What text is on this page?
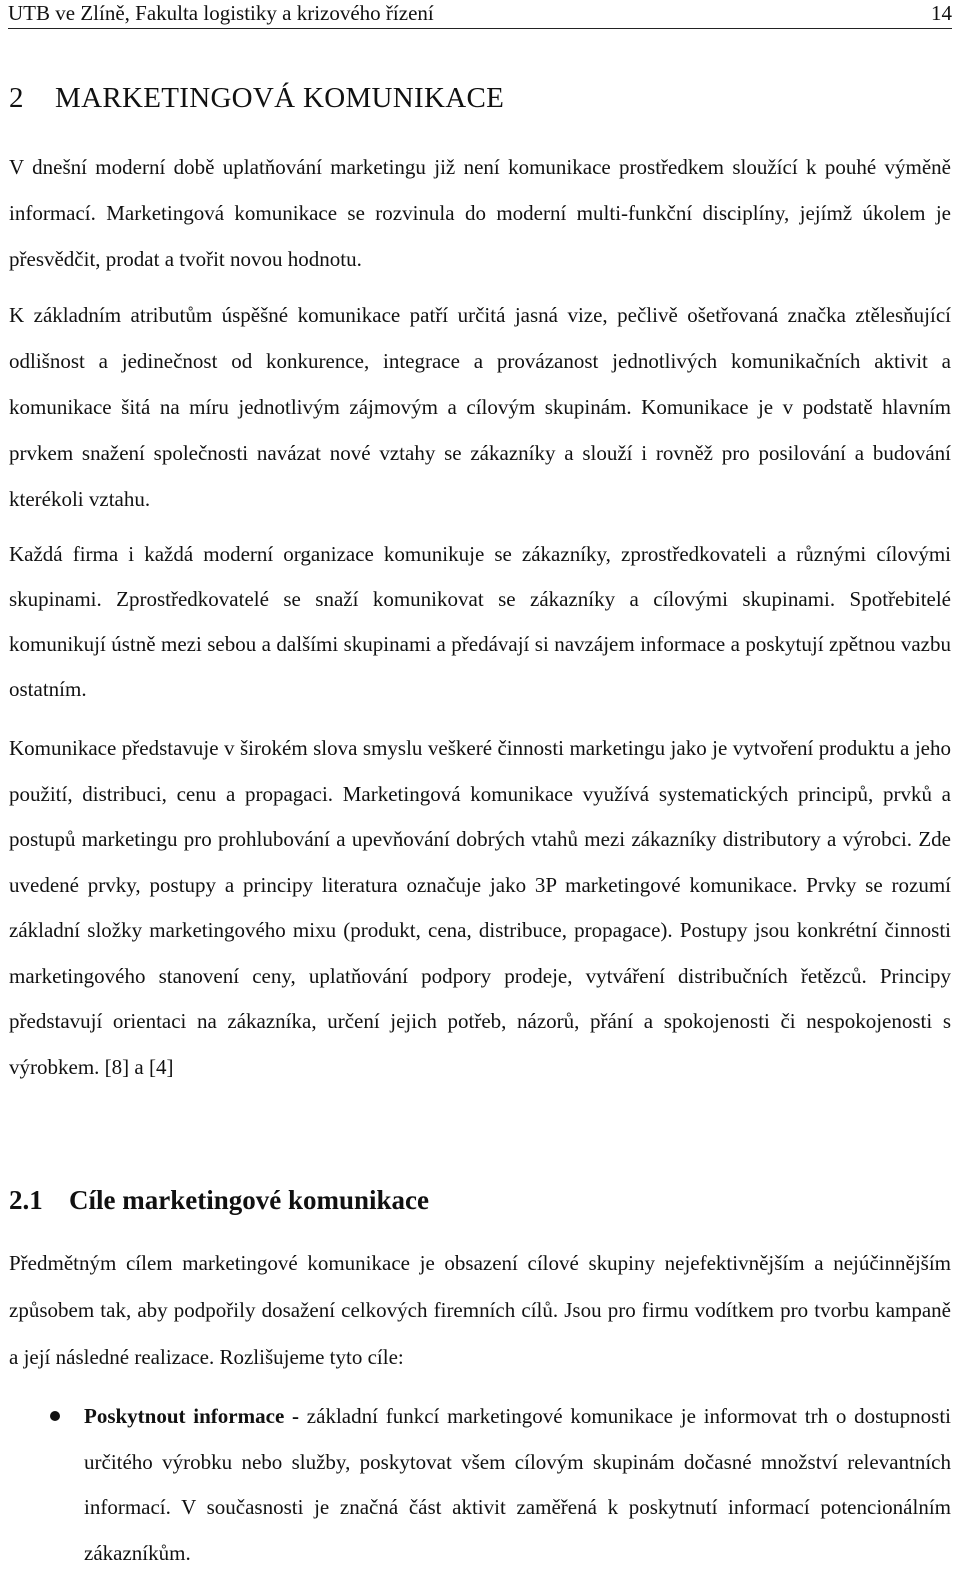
UTB ve Zlíně, Fakulta logistiky a krizového řízení	14
2 MARKETINGOVÁ KOMUNIKACE

V dnešní moderní době uplatňování marketingu již není komunikace prostředkem sloužící k pouhé výměně informací. Marketingová komunikace se rozvinula do moderní multi-funkční disciplíny, jejímž úkolem je přesvědčit, prodat a tvořit novou hodnotu.

K základním atributům úspěšné komunikace patří určitá jasná vize, pečlivě ošetřovaná značka ztělesňující odlišnost a jedinečnost od konkurence, integrace a provázanost jednotlivých komunikačních aktivit a komunikace šitá na míru jednotlivým zájmovým a cílovým skupinám. Komunikace je v podstatě hlavním prvkem snažení společnosti navázat nové vztahy se zákazníky a slouží i rovněž pro posilování a budování kterékoli vztahu.

Každá firma i každá moderní organizace komunikuje se zákazníky, zprostředkovateli a různými cílovými skupinami. Zprostředkovatelé se snaží komunikovat se zákazníky a cílovými skupinami. Spotřebitelé komunikují ústně mezi sebou a dalšími skupinami a předávají si navzájem informace a poskytují zpětnou vazbu ostatním.

Komunikace představuje v širokém slova smyslu veškeré činnosti marketingu jako je vytvoření produktu a jeho použití, distribuci, cenu a propagaci. Marketingová komunikace využívá systematických principů, prvků a postupů marketingu pro prohlubování a upevňování dobrých vtahů mezi zákazníky distributory a výrobci. Zde uvedené prvky, postupy a principy literatura označuje jako 3P marketingové komunikace. Prvky se rozumí základní složky marketingového mixu (produkt, cena, distribuce, propagace). Postupy jsou konkrétní činnosti marketingového stanovení ceny, uplatňování podpory prodeje, vytváření distribučních řetězců. Principy představují orientaci na zákazníka, určení jejich potřeb, názorů, přání a spokojenosti či nespokojenosti s výrobkem. [8] a [4]

2.1 Cíle marketingové komunikace

Předmětným cílem marketingové komunikace je obsazení cílové skupiny nejefektivnějším a nejúčinnějším způsobem tak, aby podpořily dosažení celkových firemních cílů. Jsou pro firmu vodítkem pro tvorbu kampaně a její následné realizace. Rozlišujeme tyto cíle:

Poskytnout informace - základní funkcí marketingové komunikace je informovat trh o dostupnosti určitého výrobku nebo služby, poskytovat všem cílovým skupinám dočasné množství relevantních informací. V současnosti je značná část aktivit zaměřená k poskytnutí informací potencionálním zákazníkům.
